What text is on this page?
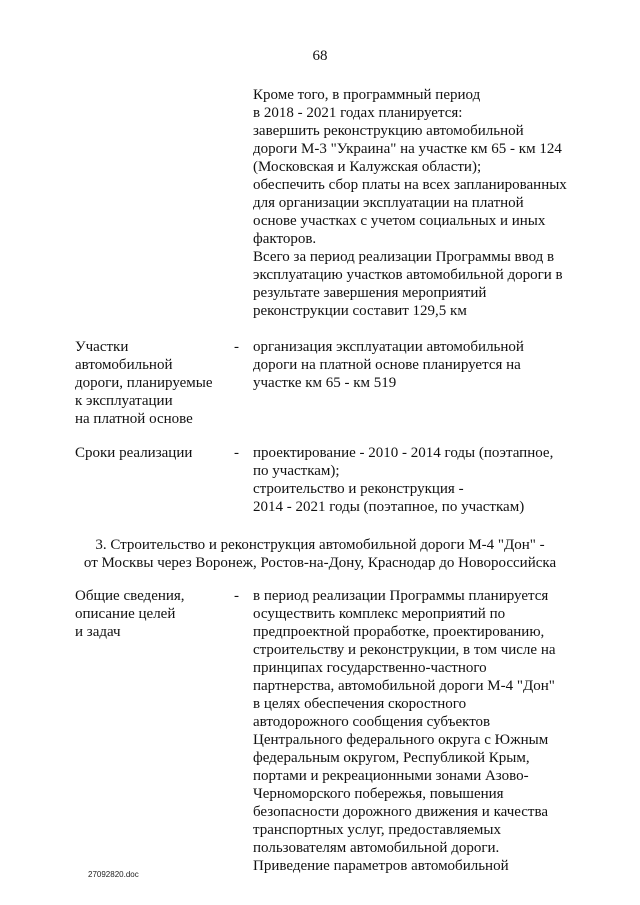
68
Кроме того, в программный период
в 2018 - 2021 годах планируется:
завершить реконструкцию автомобильной
дороги М-3 "Украина" на участке км 65 - км 124
(Московская и Калужская области);
обеспечить сбор платы на всех запланированных
для организации эксплуатации на платной
основе участках с учетом социальных и иных
факторов.
Всего за период реализации Программы ввод в
эксплуатацию участков автомобильной дороги в
результате завершения мероприятий
реконструкции составит 129,5 км
Участки
автомобильной
дороги, планируемые
к эксплуатации
на платной основе
- организация эксплуатации автомобильной
дороги на платной основе планируется на
участке км 65 - км 519
Сроки реализации	- проектирование - 2010 - 2014 годы (поэтапное,
по участкам);
строительство и реконструкция -
2014 - 2021 годы (поэтапное, по участкам)
3. Строительство и реконструкция автомобильной дороги М-4 "Дон" -
от Москвы через Воронеж, Ростов-на-Дону, Краснодар до Новороссийска
Общие сведения,
описание целей
и задач
- в период реализации Программы планируется
осуществить комплекс мероприятий по
предпроектной проработке, проектированию,
строительству и реконструкции, в том числе на
принципах государственно-частного
партнерства, автомобильной дороги М-4 "Дон"
в целях обеспечения скоростного
автодорожного сообщения субъектов
Центрального федерального округа с Южным
федеральным округом, Республикой Крым,
портами и рекреационными зонами Азово-
Черноморского побережья, повышения
безопасности дорожного движения и качества
транспортных услуг, предоставляемых
пользователям автомобильной дороги.
Приведение параметров автомобильной
27092820.doc
